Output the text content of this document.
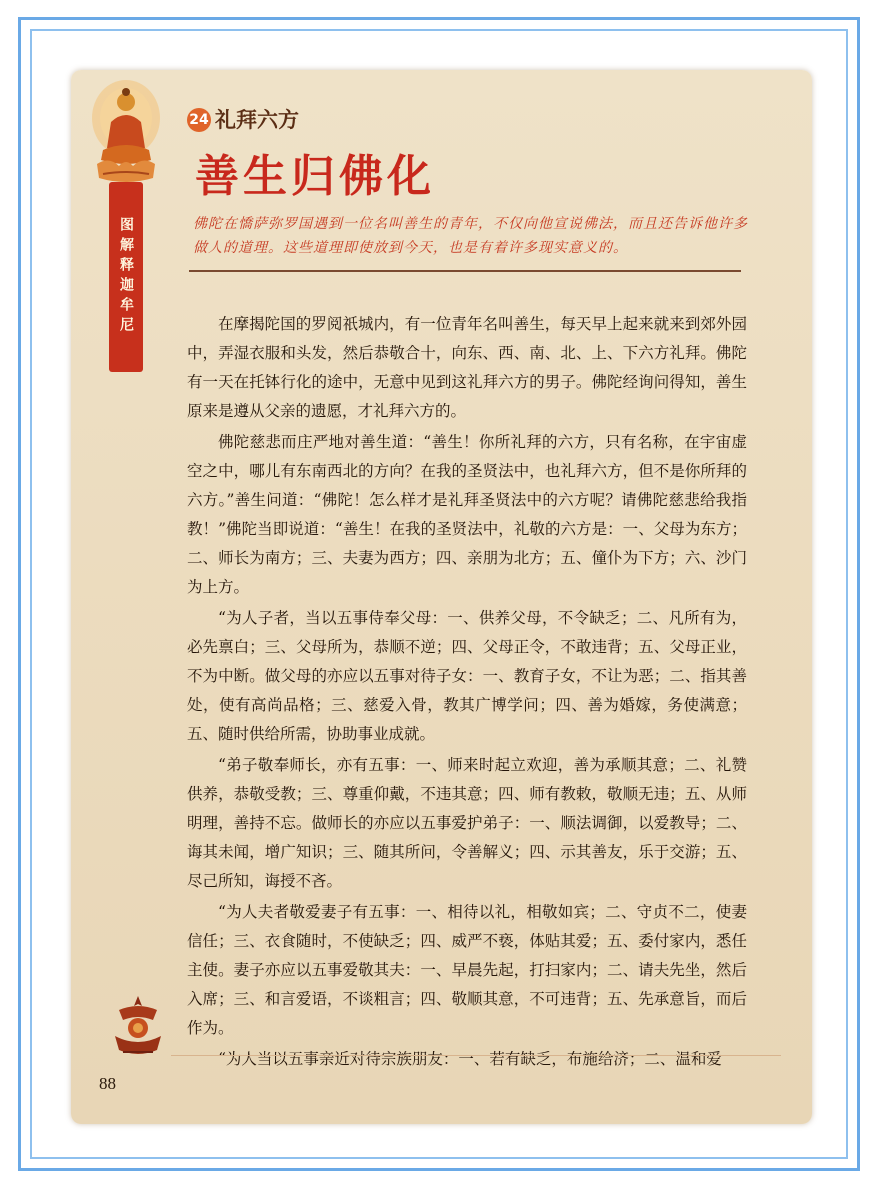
图解释迦牟尼
24 礼拜六方
善生归佛化
佛陀在憍萨弥罗国遇到一位名叫善生的青年，不仅向他宣说佛法，而且还告诉他许多做人的道理。这些道理即使放到今天，也是有着许多现实意义的。

在摩揭陀国的罗阅祇城内，有一位青年名叫善生，每天早上起来就来到郊外园中，弄湿衣服和头发，然后恭敬合十，向东、西、南、北、上、下六方礼拜。佛陀有一天在托钵行化的途中，无意中见到这礼拜六方的男子。佛陀经询问得知，善生原来是遵从父亲的遗愿，才礼拜六方的。

佛陀慈悲而庄严地对善生道：“善生！你所礼拜的六方，只有名称，在宇宙虚空之中，哪儿有东南西北的方向？在我的圣贤法中，也礼拜六方，但不是你所拜的六方。”善生问道：“佛陀！怎么样才是礼拜圣贤法中的六方呢？请佛陀慈悲给我指教！”佛陀当即说道：“善生！在我的圣贤法中，礼敬的六方是：一、父母为东方；二、师长为南方；三、夫妻为西方；四、亲朋为北方；五、僮仆为下方；六、沙门为上方。

“为人子者，当以五事侍奉父母：一、供养父母，不令缺乏；二、凡所有为，必先禀白；三、父母所为，恭顺不逆；四、父母正令，不敢违背；五、父母正业，不为中断。做父母的亦应以五事对待子女：一、教育子女，不让为恶；二、指其善处，使有高尚品格；三、慈爱入骨，教其广博学问；四、善为婚嫁，务使满意；五、随时供给所需，协助事业成就。

“弟子敬奉师长，亦有五事：一、师来时起立欢迎，善为承顺其意；二、礼赞供养，恭敬受教；三、尊重仰戴，不违其意；四、师有教敕，敬顺无违；五、从师明理，善持不忘。做师长的亦应以五事爱护弟子：一、顺法调御，以爱教导；二、诲其未闻，增广知识；三、随其所问，令善解义；四、示其善友，乐于交游；五、尽己所知，诲授不吝。

“为人夫者敬爱妻子有五事：一、相待以礼，相敬如宾；二、守贞不二，使妻信任；三、衣食随时，不使缺乏；四、威严不亵，体贴其爱；五、委付家内，悉任主使。妻子亦应以五事爱敬其夫：一、早晨先起，打扫家内；二、请夫先坐，然后入席；三、和言爱语，不谈粗言；四、敬顺其意，不可违背；五、先承意旨，而后作为。

“为人当以五事亲近对待宗族朋友：一、若有缺乏，布施给济；二、温和爱

88
